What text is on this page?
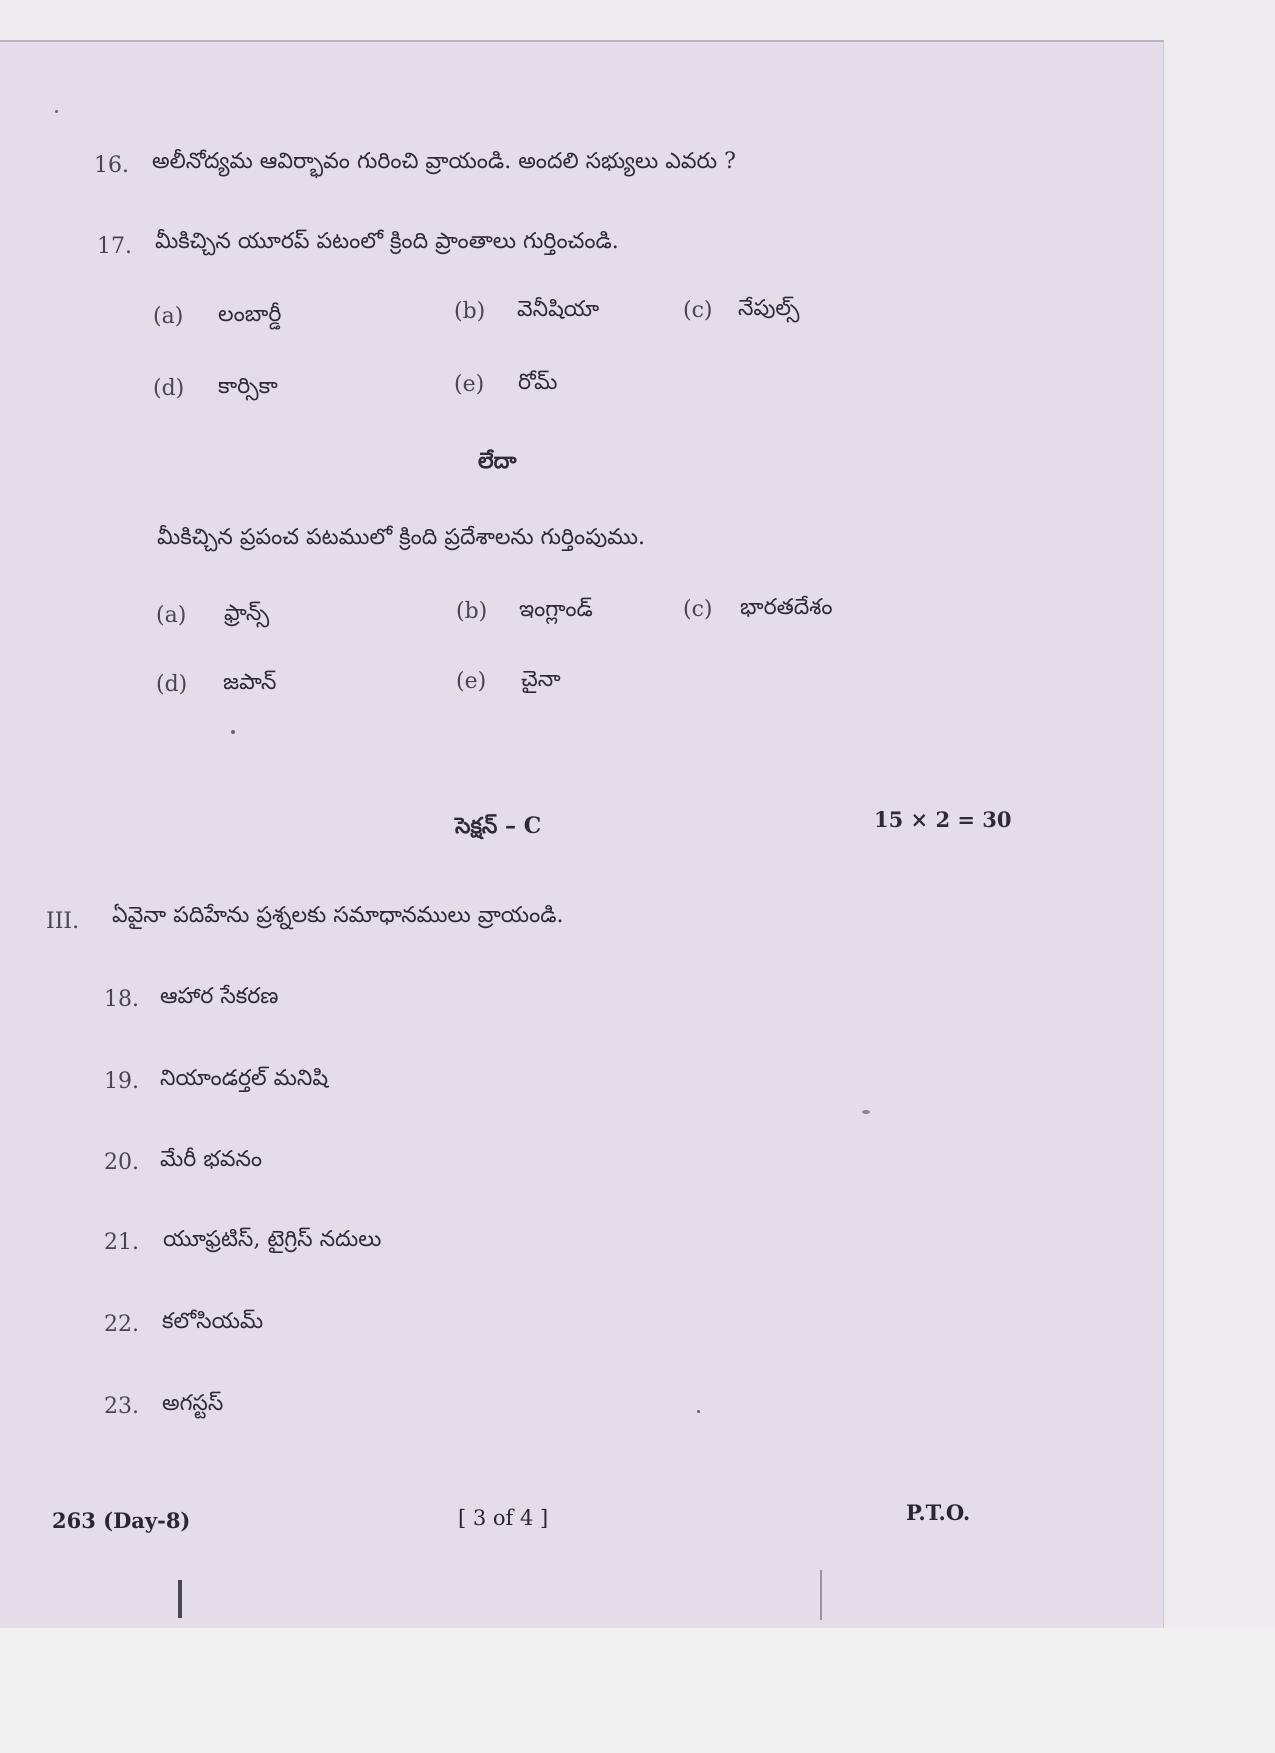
16. అలీనోద్యమ ఆవిర్భావం గురించి వ్రాయండి. అందలి సభ్యులు ఎవరు ?
17. మీకిచ్చిన యూరప్ పటంలో క్రింది ప్రాంతాలు గుర్తించండి.
(a) లంబార్డీ	(b) వెనీషియా	(c) నేపుల్స్
(d) కార్సికా	(e) రోమ్
లేదా
మీకిచ్చిన ప్రపంచ పటములో క్రింది ప్రదేశాలను గుర్తింపుము.
(a) ఫ్రాన్స్	(b) ఇంగ్లాండ్	(c) భారతదేశం
(d) జపాన్	(e) చైనా
సెక్షన్ – C	15 × 2 = 30
III. ఏవైనా పదిహేను ప్రశ్నలకు సమాధానములు వ్రాయండి.
18. ఆహార సేకరణ
19. నియాండర్తల్ మనిషి
20. మేరీ భవనం
21. యూఫ్రటిస్, టైగ్రిస్ నదులు
22. కలోసియమ్
23. అగస్టస్
263 (Day-8)	[ 3 of 4 ]	P.T.O.
